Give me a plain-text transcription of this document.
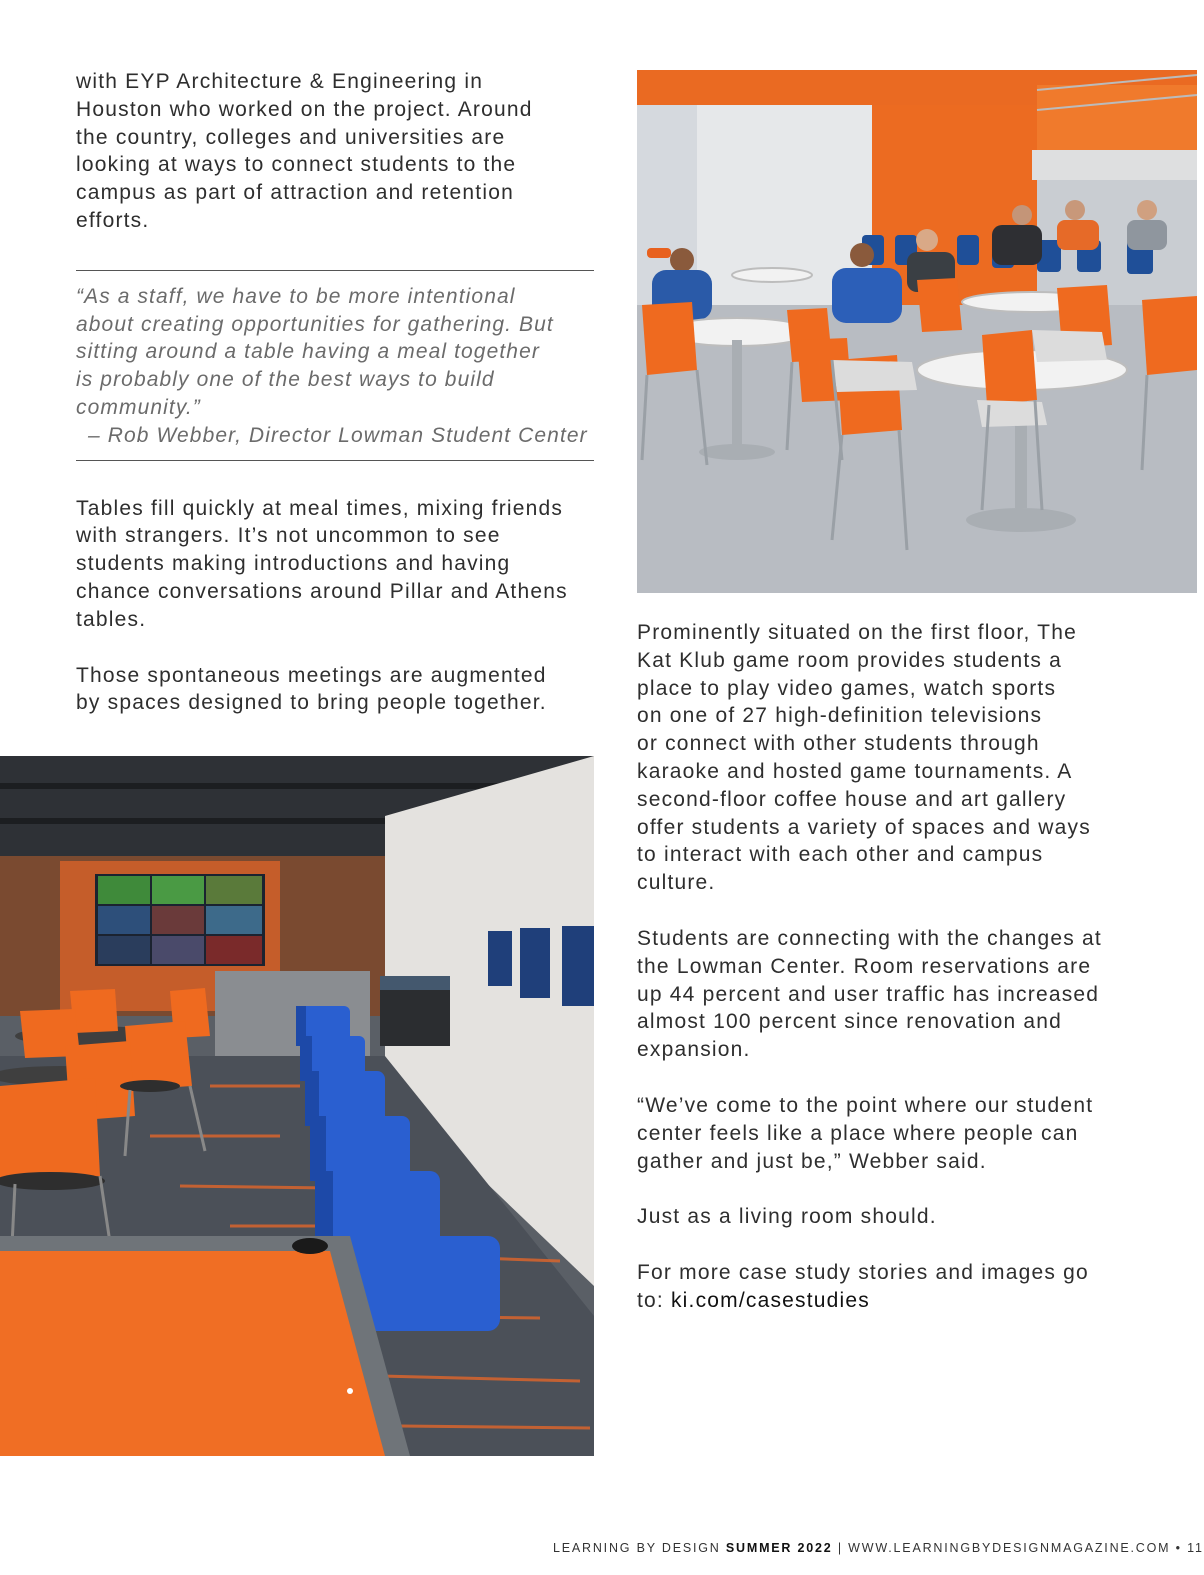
with EYP Architecture & Engineering in
Houston who worked on the project. Around
the country, colleges and universities are
looking at ways to connect students to the
campus as part of attraction and retention
efforts.

“As a staff, we have to be more intentional
about creating opportunities for gathering. But
sitting around a table having a meal together
is probably one of the best ways to build
community.”

– Rob Webber, Director Lowman Student Center

Tables fill quickly at meal times, mixing friends
with strangers. It’s not uncommon to see
students making introductions and having
chance conversations around Pillar and Athens
tables.

Those spontaneous meetings are augmented
by spaces designed to bring people together.

Prominently situated on the first floor, The
Kat Klub game room provides students a
place to play video games, watch sports
on one of 27 high-definition televisions
or connect with other students through
karaoke and hosted game tournaments. A
second-floor coffee house and art gallery
offer students a variety of spaces and ways
to interact with each other and campus
culture.

Students are connecting with the changes at
the Lowman Center. Room reservations are
up 44 percent and user traffic has increased
almost 100 percent since renovation and
expansion.

“We’ve come to the point where our student
center feels like a place where people can
gather and just be,” Webber said.

Just as a living room should.

For more case study stories and images go
to: ki.com/casestudies

LEARNING BY DESIGN SUMMER 2022 | WWW.LEARNINGBYDESIGNMAGAZINE.COM • 11
